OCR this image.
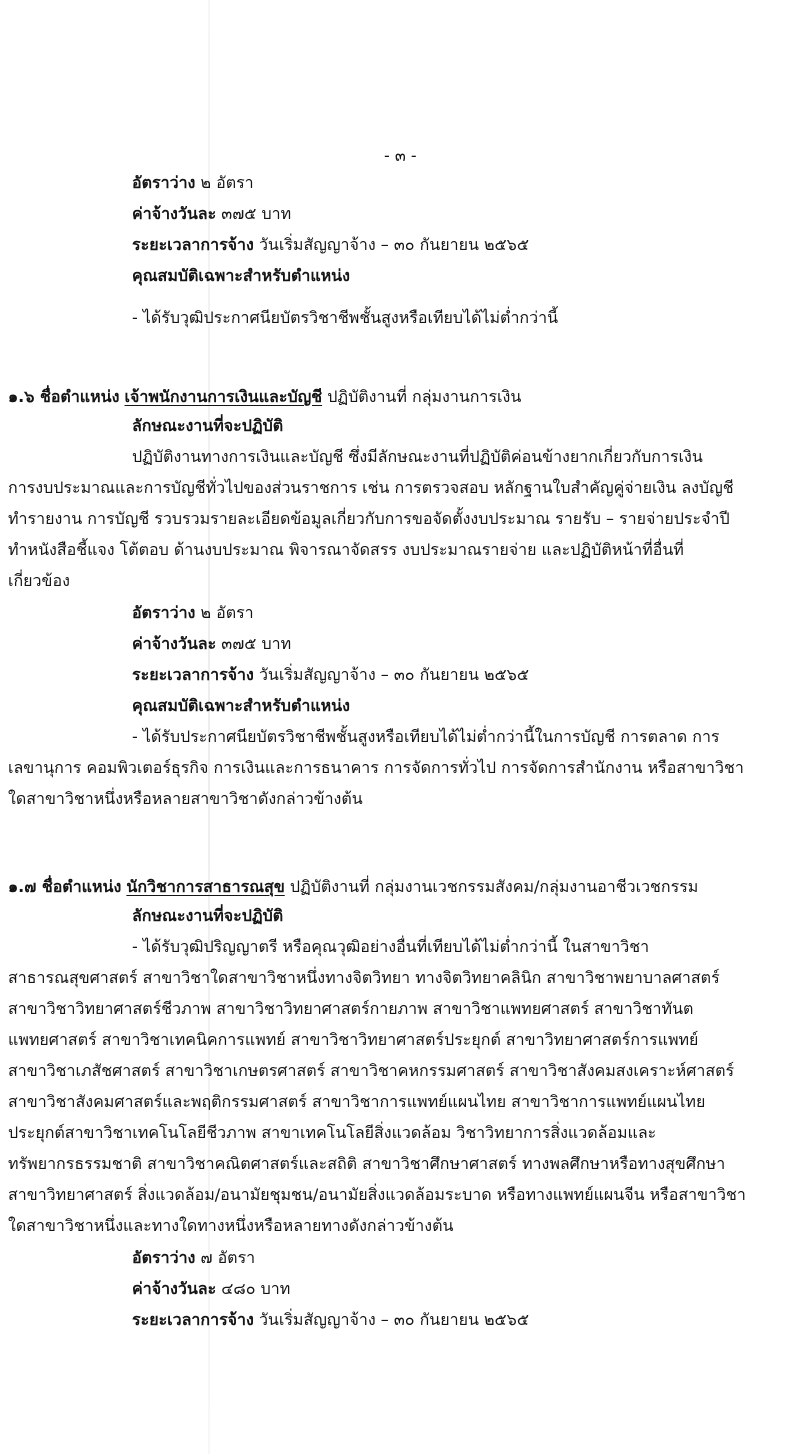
- ๓ -
อัตราว่าง ๒ อัตรา
ค่าจ้างวันละ ๓๗๕ บาท
ระยะเวลาการจ้าง วันเริ่มสัญญาจ้าง – ๓๐ กันยายน ๒๕๖๕
คุณสมบัติเฉพาะสำหรับตำแหน่ง
- ได้รับวุฒิประกาศนียบัตรวิชาชีพชั้นสูงหรือเทียบได้ไม่ต่ำกว่านี้
๑.๖ ชื่อตำแหน่ง เจ้าพนักงานการเงินและบัญชี ปฏิบัติงานที่ กลุ่มงานการเงิน
ลักษณะงานที่จะปฏิบัติ
ปฏิบัติงานทางการเงินและบัญชี ซึ่งมีลักษณะงานที่ปฏิบัติค่อนข้างยากเกี่ยวกับการเงิน
การงบประมาณและการบัญชีทั่วไปของส่วนราชการ เช่น การตรวจสอบ หลักฐานใบสำคัญคู่จ่ายเงิน ลงบัญชี
ทำรายงาน การบัญชี รวบรวมรายละเอียดข้อมูลเกี่ยวกับการขอจัดตั้งงบประมาณ รายรับ – รายจ่ายประจำปี
ทำหนังสือชี้แจง โต้ตอบ ด้านงบประมาณ พิจารณาจัดสรร งบประมาณรายจ่าย และปฏิบัติหน้าที่อื่นที่
เกี่ยวข้อง
อัตราว่าง ๒ อัตรา
ค่าจ้างวันละ ๓๗๕ บาท
ระยะเวลาการจ้าง วันเริ่มสัญญาจ้าง – ๓๐ กันยายน ๒๕๖๕
คุณสมบัติเฉพาะสำหรับตำแหน่ง
- ได้รับประกาศนียบัตรวิชาชีพชั้นสูงหรือเทียบได้ไม่ต่ำกว่านี้ในการบัญชี การตลาด การ
เลขานุการ คอมพิวเตอร์ธุรกิจ การเงินและการธนาคาร การจัดการทั่วไป การจัดการสำนักงาน หรือสาขาวิชา
ใดสาขาวิชาหนึ่งหรือหลายสาขาวิชาดังกล่าวข้างต้น
๑.๗ ชื่อตำแหน่ง นักวิชาการสาธารณสุข ปฏิบัติงานที่ กลุ่มงานเวชกรรมสังคม/กลุ่มงานอาชีวเวชกรรม
ลักษณะงานที่จะปฏิบัติ
- ได้รับวุฒิปริญญาตรี หรือคุณวุฒิอย่างอื่นที่เทียบได้ไม่ต่ำกว่านี้ ในสาขาวิชา
สาธารณสุขศาสตร์ สาขาวิชาใดสาขาวิชาหนึ่งทางจิตวิทยา ทางจิตวิทยาคลินิก สาขาวิชาพยาบาลศาสตร์
สาขาวิชาวิทยาศาสตร์ชีวภาพ สาขาวิชาวิทยาศาสตร์กายภาพ สาขาวิชาแพทยศาสตร์ สาขาวิชาทันต
แพทยศาสตร์ สาขาวิชาเทคนิคการแพทย์ สาขาวิชาวิทยาศาสตร์ประยุกต์ สาขาวิทยาศาสตร์การแพทย์
สาขาวิชาเภสัชศาสตร์ สาขาวิชาเกษตรศาสตร์ สาขาวิชาคหกรรมศาสตร์ สาขาวิชาสังคมสงเคราะห์ศาสตร์
สาขาวิชาสังคมศาสตร์และพฤติกรรมศาสตร์ สาขาวิชาการแพทย์แผนไทย สาขาวิชาการแพทย์แผนไทย
ประยุกต์สาขาวิชาเทคโนโลยีชีวภาพ สาขาเทคโนโลยีสิ่งแวดล้อม วิชาวิทยาการสิ่งแวดล้อมและ
ทรัพยากรธรรมชาติ สาขาวิชาคณิตศาสตร์และสถิติ สาขาวิชาศึกษาศาสตร์ ทางพลศึกษาหรือทางสุขศึกษา
สาขาวิทยาศาสตร์ สิ่งแวดล้อม/อนามัยชุมชน/อนามัยสิ่งแวดล้อมระบาด หรือทางแพทย์แผนจีน หรือสาขาวิชา
ใดสาขาวิชาหนึ่งและทางใดทางหนึ่งหรือหลายทางดังกล่าวข้างต้น
อัตราว่าง ๗ อัตรา
ค่าจ้างวันละ ๔๘๐ บาท
ระยะเวลาการจ้าง วันเริ่มสัญญาจ้าง – ๓๐ กันยายน ๒๕๖๕
